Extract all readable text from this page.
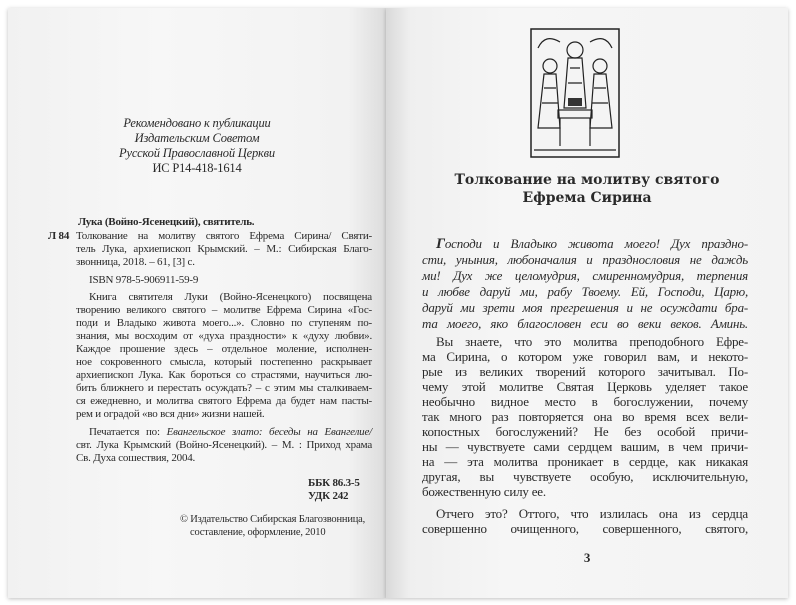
Рекомендовано к публикации
Издательским Советом
Русской Православной Церкви
ИС Р14-418-1614
Лука (Войно-Ясенецкий), святитель.
Л 84 Толкование на молитву святого Ефрема Сирина/ Святи-
тель Лука, архиепископ Крымский. – М.: Сибирская Благо-
звонница, 2018. – 61, [3] с.
ISBN 978-5-906911-59-9
Книга святителя Луки (Войно-Ясенецкого) посвящена
творению великого святого – молитве Ефрема Сирина «Гос-
поди и Владыко живота моего...». Словно по ступеням по-
знания, мы восходим от «духа праздности» к «духу любви».
Каждое прошение здесь – отдельное моление, исполнен-
ное сокровенного смысла, который постепенно раскрывает
архиепископ Лука. Как бороться со страстями, научиться лю-
бить ближнего и перестать осуждать? – с этим мы сталкиваем-
ся ежедневно, и молитва святого Ефрема да будет нам пасты-
рем и оградой «во вся дни» жизни нашей.
Печатается по: Евангельское злато: беседы на Евангелие/
свт. Лука Крымский (Войно-Ясенецкий). – М. : Приход храма
Св. Духа сошествия, 2004.
ББК 86.3-5
УДК 242
© Издательство Сибирская Благозвонница,
составление, оформление, 2010
Толкование на молитву святого
Ефрема Сирина
Господи и Владыко живота моего! Дух праздно-
сти, уныния, любоначалия и празднословия не даждь
ми! Дух же целомудрия, смиренномудрия, терпения
и любве даруй ми, рабу Твоему. Ей, Господи, Царю,
даруй ми зрети моя прегрешения и не осуждати бра-
та моего, яко благословен еси во веки веков. Аминь.
Вы знаете, что это молитва преподобного Ефре-
ма Сирина, о котором уже говорил вам, и некото-
рые из великих творений которого зачитывал. По-
чему этой молитве Святая Церковь уделяет такое
необычно видное место в богослужении, почему
так много раз повторяется она во время всех вели-
копостных богослужений? Не без особой причи-
ны — чувствуете сами сердцем вашим, в чем причи-
на — эта молитва проникает в сердце, как никакая
другая, вы чувствуете особую, исключительную,
божественную силу ее.
Отчего это? Оттого, что излилась она из сердца
совершенно очищенного, совершенного, святого,
3
